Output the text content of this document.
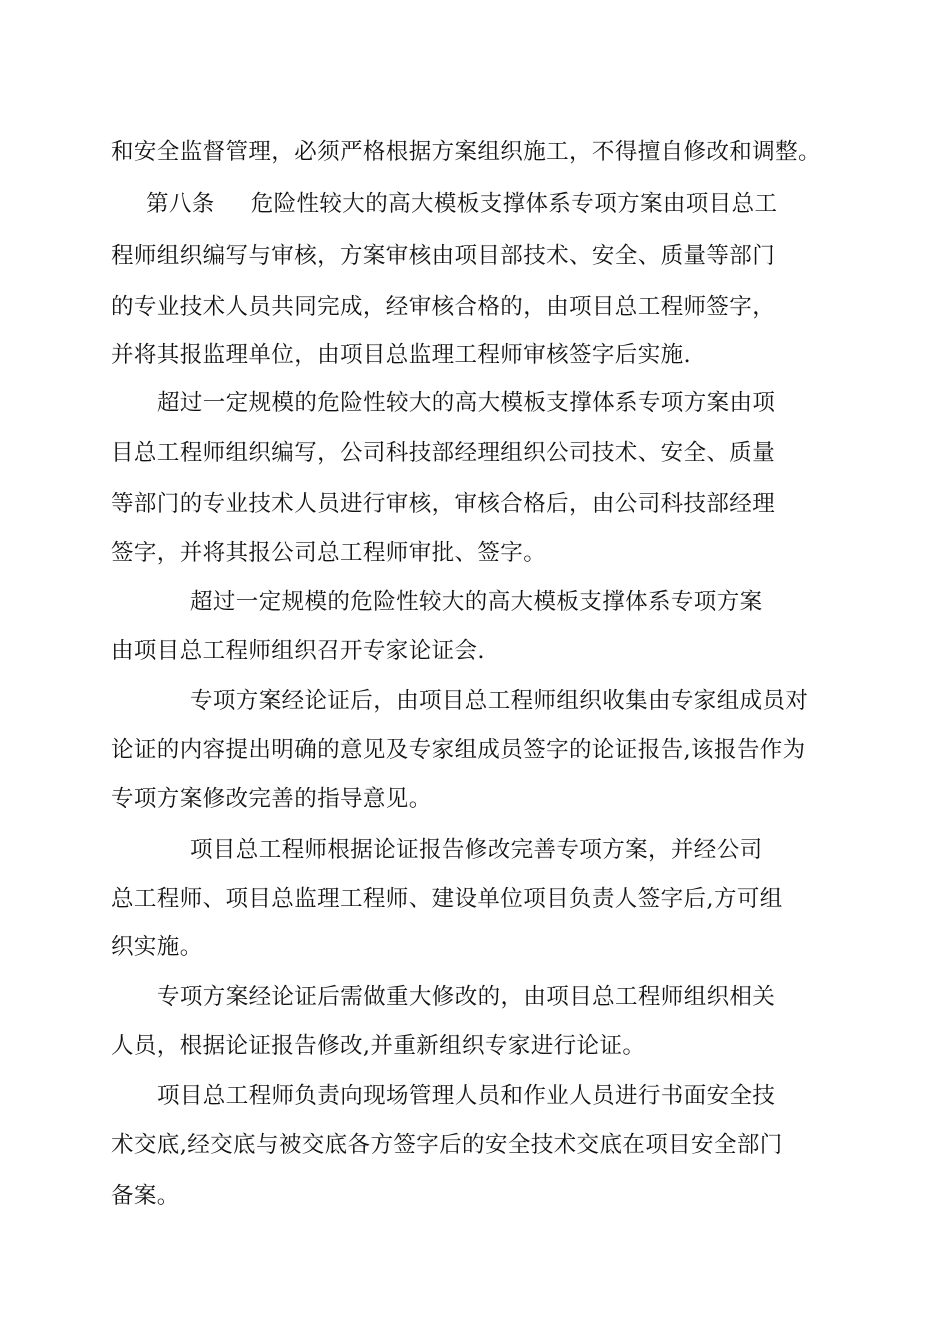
和安全监督管理，必须严格根据方案组织施工，不得擅自修改和调整。
第八条 危险性较大的高大模板支撑体系专项方案由项目总工
程师组织编写与审核，方案审核由项目部技术、安全、质量等部门
的专业技术人员共同完成，经审核合格的，由项目总工程师签字，
并将其报监理单位，由项目总监理工程师审核签字后实施.
超过一定规模的危险性较大的高大模板支撑体系专项方案由项
目总工程师组织编写，公司科技部经理组织公司技术、安全、质量
等部门的专业技术人员进行审核，审核合格后，由公司科技部经理
签字，并将其报公司总工程师审批、签字。
超过一定规模的危险性较大的高大模板支撑体系专项方案
由项目总工程师组织召开专家论证会.
专项方案经论证后，由项目总工程师组织收集由专家组成员对
论证的内容提出明确的意见及专家组成员签字的论证报告,该报告作为
专项方案修改完善的指导意见。
项目总工程师根据论证报告修改完善专项方案，并经公司
总工程师、项目总监理工程师、建设单位项目负责人签字后,方可组
织实施。
专项方案经论证后需做重大修改的，由项目总工程师组织相关
人员，根据论证报告修改,并重新组织专家进行论证。
项目总工程师负责向现场管理人员和作业人员进行书面安全技
术交底,经交底与被交底各方签字后的安全技术交底在项目安全部门
备案。
